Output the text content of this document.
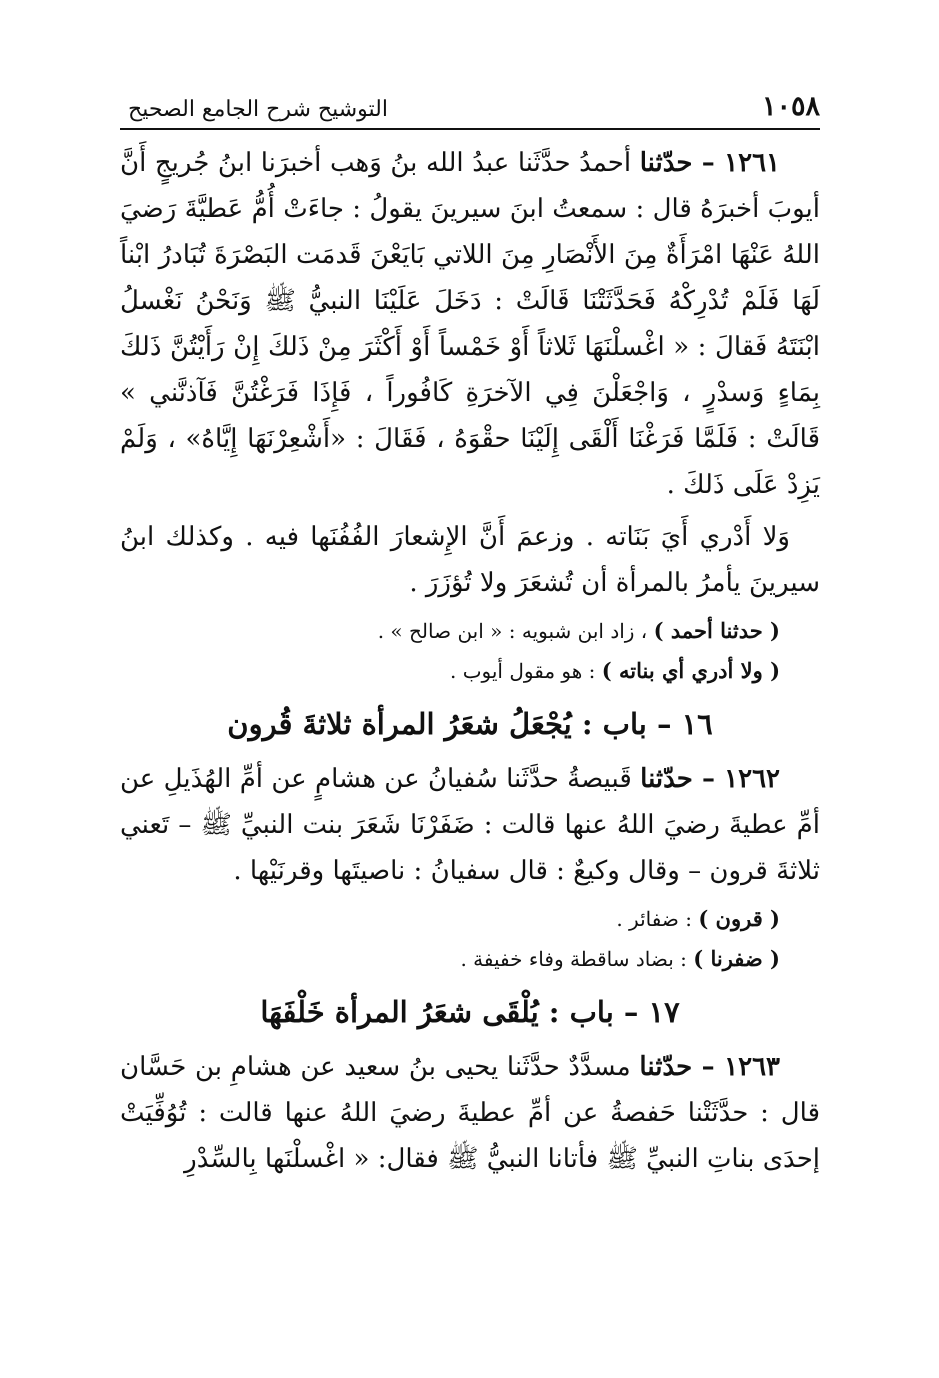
١٠٥٨
التوشيح شرح الجامع الصحيح

١٢٦١ – حدّثنا أحمدُ حدَّثَنا عبدُ الله بنُ وَهب أخبرَنا ابنُ جُريجٍ أَنَّ أيوبَ أخبرَهُ قال : سمعتُ ابنَ سيرينَ يقولُ : جاءَتْ أُمُّ عَطيَّةَ رَضيَ اللهُ عَنْهَا امْرَأَةٌ مِنَ الأَنْصَارِ مِنَ اللاتي بَايَعْنَ قَدمَت البَصْرَةَ تُبَادرُ ابْناً لَهَا فَلَمْ تُدْرِكْهُ فَحَدَّثَتْنَا قَالَتْ : دَخَلَ عَلَيْنَا النبيُّ ﷺ وَنَحْنُ نَغْسلُ ابْنَتَهُ فَقالَ : « اغْسلْنَهَا ثَلاثاً أَوْ خَمْساً أَوْ أَكْثَرَ مِنْ ذَلكَ إِنْ رَأَيْتُنَّ ذَلكَ بِمَاءٍ وَسدْرٍ ، وَاجْعَلْنَ فِي الآخرَةِ كَافُوراً ، فَإِذَا فَرَغْتُنَّ فَآذنَّني » قَالَتْ : فَلَمَّا فَرَغْنَا أَلْقَى إِلَيْنَا حقْوَهُ ، فَقَالَ : «أَشْعِرْنَهَا إِيَّاهُ» ، وَلَمْ يَزِدْ عَلَى ذَلكَ .

وَلا أَدْري أَيَ بَنَاته . وزعمَ أَنَّ الإِشعارَ الفُفُنَها فيه . وكذلك ابنُ سيرينَ يأمرُ بالمرأة أن تُشعَرَ ولا تُؤزَرَ .

( حدثنا أحمد ) ، زاد ابن شبويه : « ابن صالح » .

( ولا أدري أي بناته ) : هو مقول أيوب .

١٦ – باب : يُجْعَلُ شعَرُ المرأة ثلاثةَ قُرون

١٢٦٢ – حدّثنا قَبيصةُ حدَّثَنا سُفيانُ عن هشامٍ عن أمِّ الهُذَيلِ عن أمِّ عطيةَ رضيَ اللهُ عنها قالت : ضَفَرْنَا شَعَرَ بنت النبيِّ ﷺ – تَعني ثلاثةَ قرون – وقال وكيعٌ : قال سفيانُ : ناصيتَها وقرنَيْها .

( قرون ) : ضفائر .

( ضفرنا ) : بضاد ساقطة وفاء خفيفة .

١٧ – باب : يُلْقَى شعَرُ المرأة خَلْفَهَا

١٢٦٣ – حدّثنا مسدَّدٌ حدَّثَنا يحيى بنُ سعيد عن هشامِ بن حَسَّان قال : حدَّثَتْنا حَفصةُ عن أمِّ عطيةَ رضيَ اللهُ عنها قالت : تُوُفِّيَتْ إحدَى بناتِ النبيِّ ﷺ فأتانا النبيُّ ﷺ فقال: « اغْسلْنَها بِالسِّدْرِ
